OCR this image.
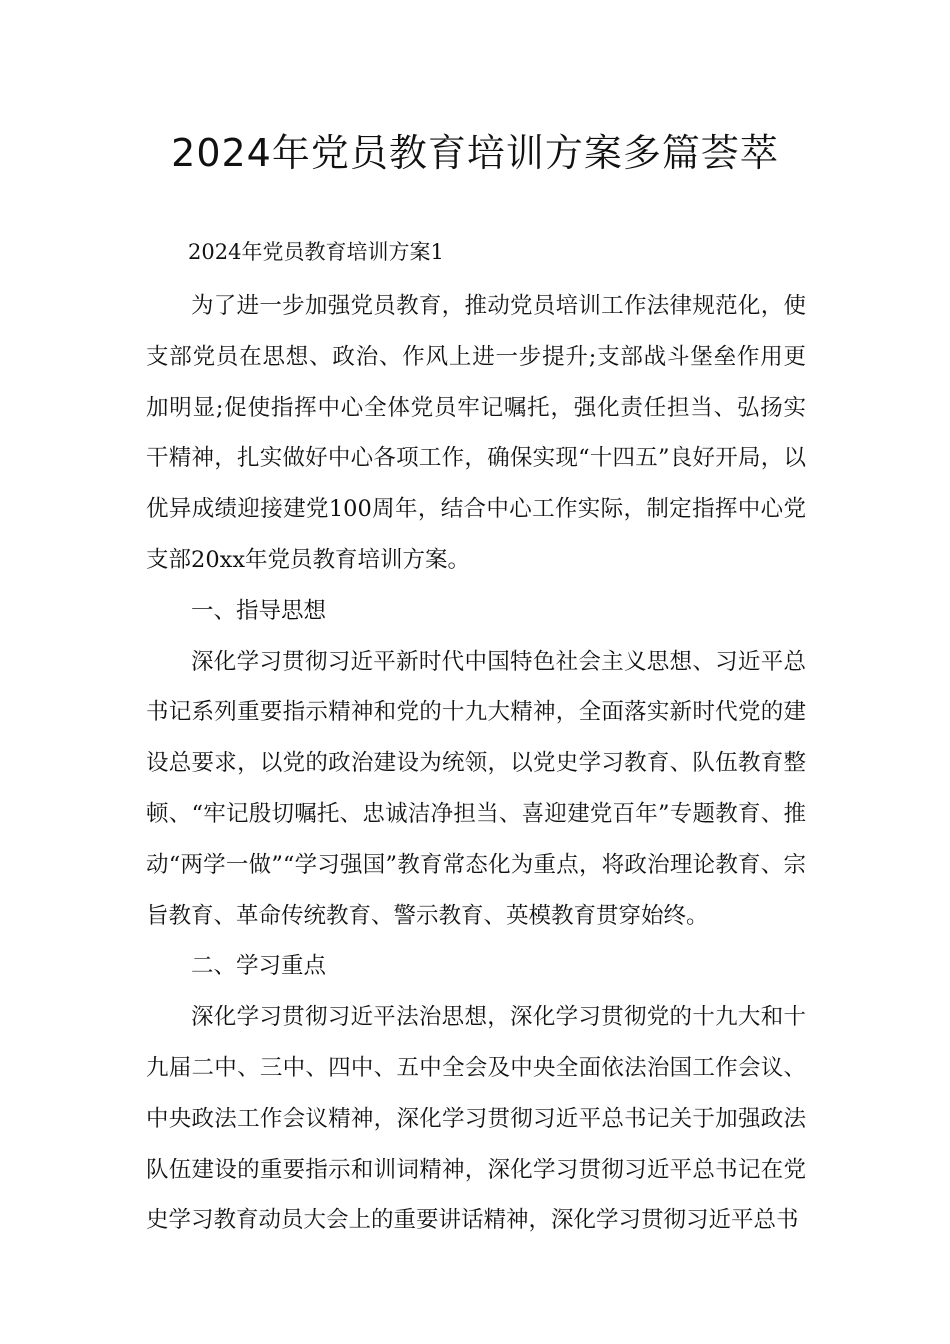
2024年党员教育培训方案多篇荟萃

2024年党员教育培训方案1

为了进一步加强党员教育，推动党员培训工作法律规范化，使支部党员在思想、政治、作风上进一步提升;支部战斗堡垒作用更加明显;促使指挥中心全体党员牢记嘱托，强化责任担当、弘扬实干精神，扎实做好中心各项工作，确保实现“十四五”良好开局，以优异成绩迎接建党100周年，结合中心工作实际，制定指挥中心党支部20xx年党员教育培训方案。

一、指导思想

深化学习贯彻习近平新时代中国特色社会主义思想、习近平总书记系列重要指示精神和党的十九大精神，全面落实新时代党的建设总要求，以党的政治建设为统领，以党史学习教育、队伍教育整顿、“牢记殷切嘱托、忠诚洁净担当、喜迎建党百年”专题教育、推动“两学一做”“学习强国”教育常态化为重点，将政治理论教育、宗旨教育、革命传统教育、警示教育、英模教育贯穿始终。

二、学习重点

深化学习贯彻习近平法治思想，深化学习贯彻党的十九大和十九届二中、三中、四中、五中全会及中央全面依法治国工作会议、中央政法工作会议精神，深化学习贯彻习近平总书记关于加强政法队伍建设的重要指示和训词精神，深化学习贯彻习近平总书记在党史学习教育动员大会上的重要讲话精神，深化学习贯彻习近平总书
